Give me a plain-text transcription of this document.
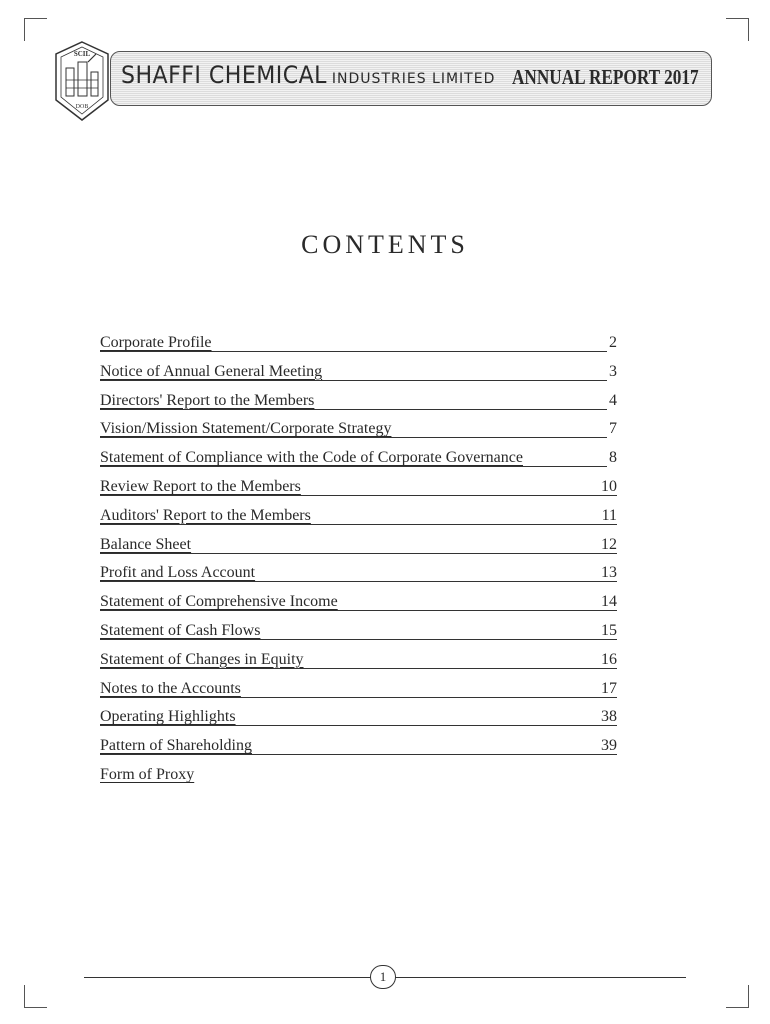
SCIL
DOB
SHAFFI CHEMICAL INDUSTRIES LIMITED ANNUAL REPORT 2017
CONTENTS
Corporate Profile	2
Notice of Annual General Meeting	3
Directors' Report to the Members	4
Vision/Mission Statement/Corporate Strategy	7
Statement of Compliance with the Code of Corporate Governance	8
Review Report to the Members	10
Auditors' Report to the Members	11
Balance Sheet	12
Profit and Loss Account	13
Statement of Comprehensive Income	14
Statement of Cash Flows	15
Statement of Changes in Equity	16
Notes to the Accounts	17
Operating Highlights	38
Pattern of Shareholding	39
Form of Proxy
1
